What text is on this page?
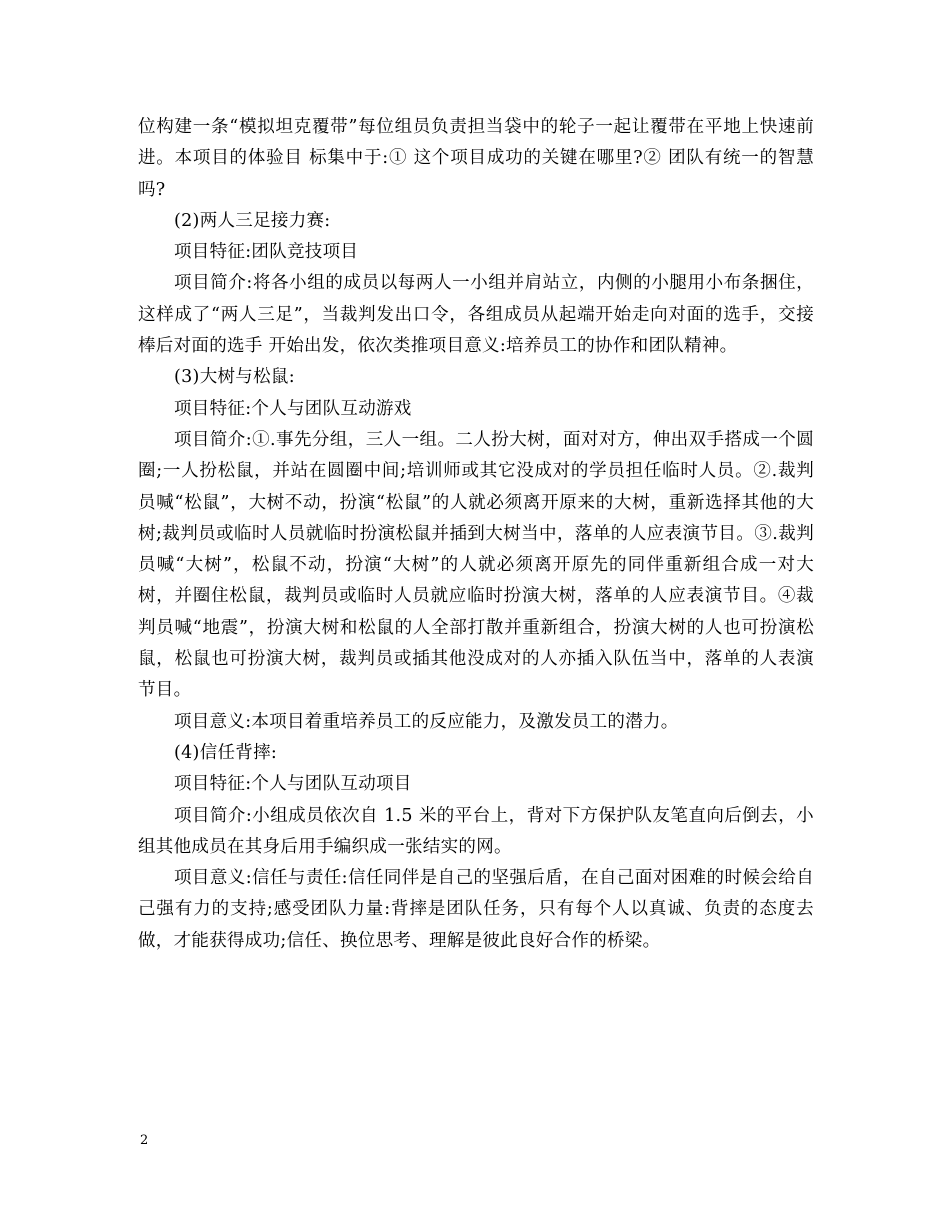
位构建一条“模拟坦克覆带”每位组员负责担当袋中的轮子一起让覆带在平地上快速前进。本项目的体验目 标集中于:① 这个项目成功的关键在哪里?② 团队有统一的智慧吗?

(2)两人三足接力赛:

项目特征:团队竞技项目

项目简介:将各小组的成员以每两人一小组并肩站立，内侧的小腿用小布条捆住，这样成了“两人三足”，当裁判发出口令，各组成员从起端开始走向对面的选手，交接棒后对面的选手 开始出发，依次类推项目意义:培养员工的协作和团队精神。

(3)大树与松鼠:

项目特征:个人与团队互动游戏

项目简介:①.事先分组，三人一组。二人扮大树，面对对方，伸出双手搭成一个圆圈;一人扮松鼠，并站在圆圈中间;培训师或其它没成对的学员担任临时人员。②.裁判员喊“松鼠”，大树不动，扮演“松鼠”的人就必须离开原来的大树，重新选择其他的大树;裁判员或临时人员就临时扮演松鼠并插到大树当中，落单的人应表演节目。③.裁判员喊“大树”，松鼠不动，扮演“大树”的人就必须离开原先的同伴重新组合成一对大树，并圈住松鼠，裁判员或临时人员就应临时扮演大树，落单的人应表演节目。④裁判员喊“地震”，扮演大树和松鼠的人全部打散并重新组合，扮演大树的人也可扮演松鼠，松鼠也可扮演大树，裁判员或插其他没成对的人亦插入队伍当中，落单的人表演节目。

项目意义:本项目着重培养员工的反应能力，及激发员工的潜力。

(4)信任背摔:

项目特征:个人与团队互动项目

项目简介:小组成员依次自 1.5 米的平台上，背对下方保护队友笔直向后倒去，小组其他成员在其身后用手编织成一张结实的网。

项目意义:信任与责任:信任同伴是自己的坚强后盾，在自己面对困难的时候会给自己强有力的支持;感受团队力量:背摔是团队任务，只有每个人以真诚、负责的态度去做，才能获得成功;信任、换位思考、理解是彼此良好合作的桥梁。

2
